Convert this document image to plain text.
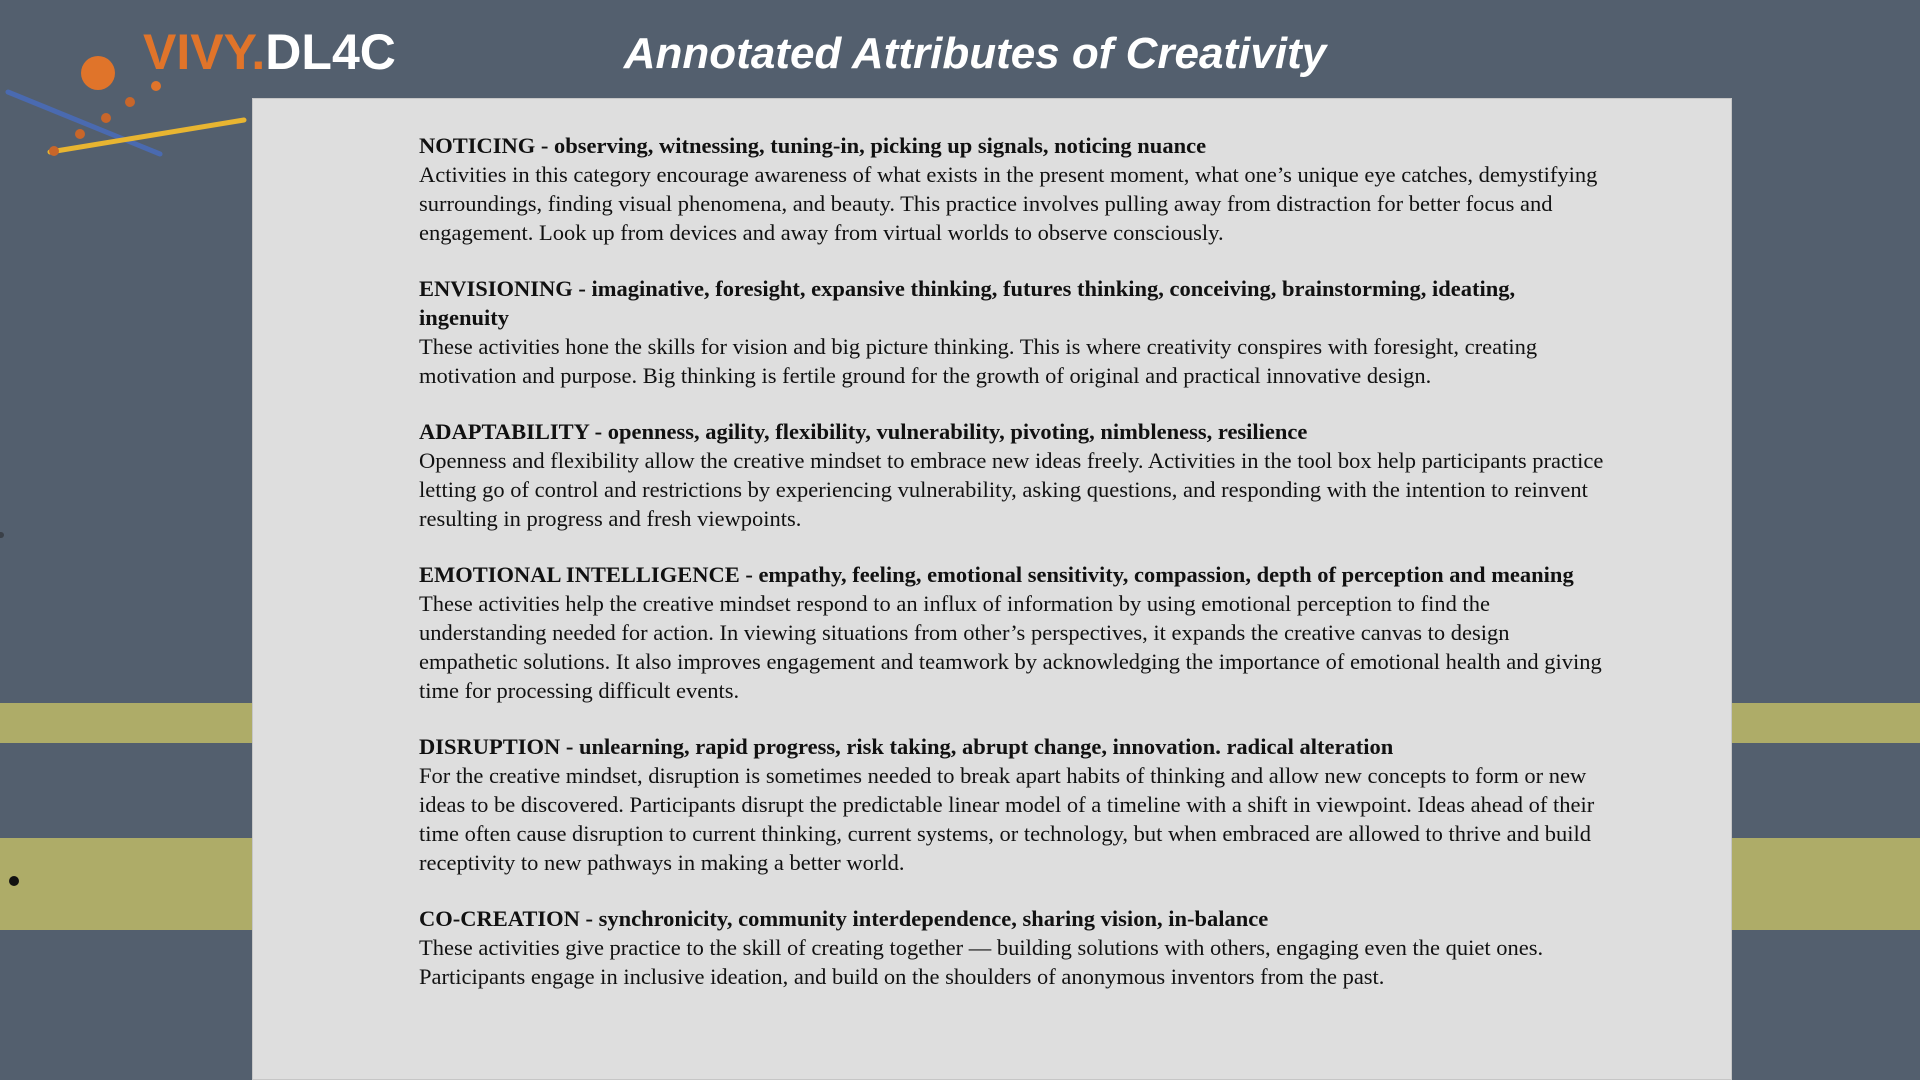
VIVY.DL4C	Annotated Attributes of Creativity
NOTICING - observing, witnessing, tuning-in, picking up signals, noticing nuance

Activities in this category encourage awareness of what exists in the present moment, what one’s unique eye catches, demystifying surroundings, finding visual phenomena, and beauty. This practice involves pulling away from distraction for better focus and engagement. Look up from devices and away from virtual worlds to observe consciously.

ENVISIONING - imaginative, foresight, expansive thinking, futures thinking, conceiving, brainstorming, ideating, ingenuity

These activities hone the skills for vision and big picture thinking. This is where creativity conspires with foresight, creating motivation and purpose. Big thinking is fertile ground for the growth of original and practical innovative design.

ADAPTABILITY - openness, agility, flexibility, vulnerability, pivoting, nimbleness, resilience

Openness and flexibility allow the creative mindset to embrace new ideas freely. Activities in the tool box help participants practice letting go of control and restrictions by experiencing vulnerability, asking questions, and responding with the intention to reinvent resulting in progress and fresh viewpoints.

EMOTIONAL INTELLIGENCE - empathy, feeling, emotional sensitivity, compassion, depth of perception and meaning

These activities help the creative mindset respond to an influx of information by using emotional perception to find the understanding needed for action. In viewing situations from other’s perspectives, it expands the creative canvas to design empathetic solutions. It also improves engagement and teamwork by acknowledging the importance of emotional health and giving time for processing difficult events.

DISRUPTION - unlearning, rapid progress, risk taking, abrupt change, innovation. radical alteration

For the creative mindset, disruption is sometimes needed to break apart habits of thinking and allow new concepts to form or new ideas to be discovered. Participants disrupt the predictable linear model of a timeline with a shift in viewpoint. Ideas ahead of their time often cause disruption to current thinking, current systems, or technology, but when embraced are allowed to thrive and build receptivity to new pathways in making a better world.

CO-CREATION - synchronicity, community interdependence, sharing vision, in-balance

These activities give practice to the skill of creating together — building solutions with others, engaging even the quiet ones. Participants engage in inclusive ideation, and build on the shoulders of anonymous inventors from the past.
